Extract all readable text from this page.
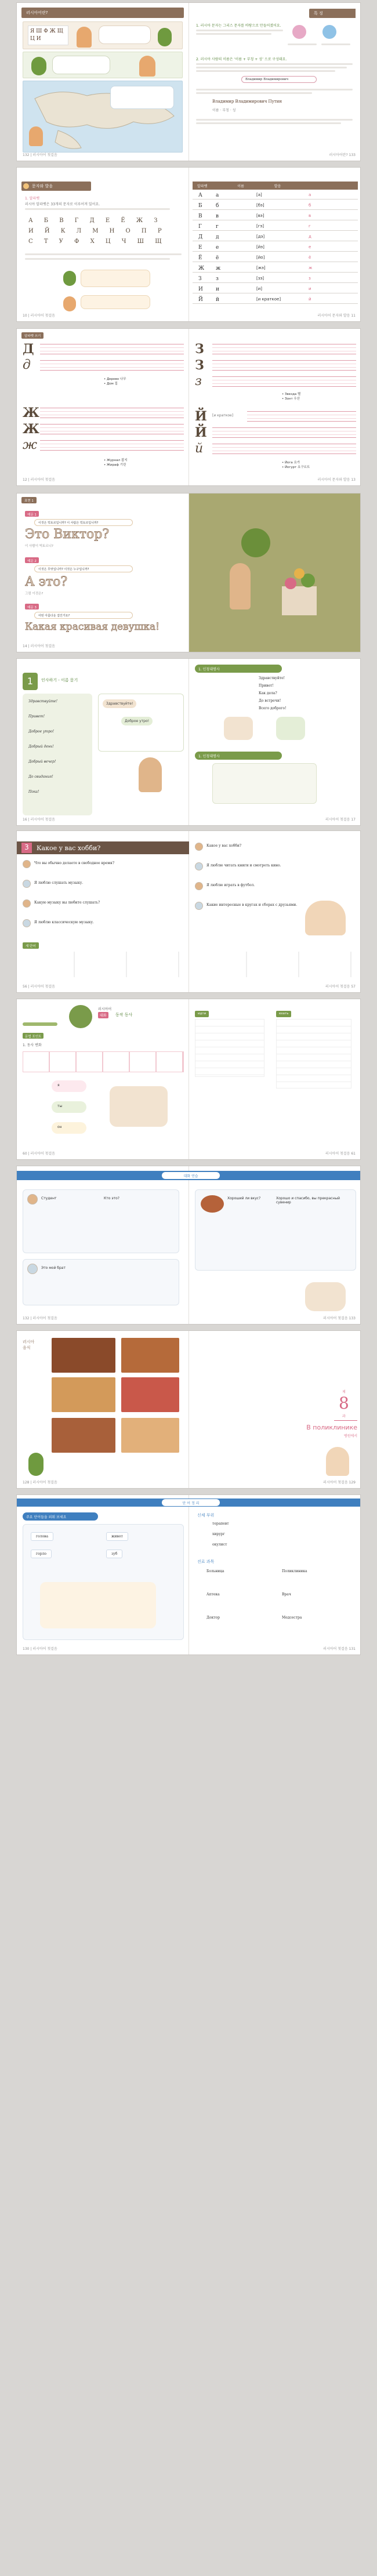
러시아어란?
Я Ш Ф Ж Щ Ц И
132 | 러시아어 첫걸음
특 징
1. 러시아 문자는 그리스 문자를 바탕으로 만들어졌어요.
2. 러시아 사람의 이름은 ‘이름 + 부칭 + 성’ 으로 구성돼요.
Владимир Владимирович
Владимир Владимирович Путин
이름 · 부칭 · 성
러시아어란? 133
문자와 발음
1. 알파벳
러시아 알파벳은 33개의 문자로 이루어져 있어요.
А Б В Г Д Е Ё Ж З
И Й К Л М Н О П Р
С Т У Ф Х Ц Ч Ш Щ
10 | 러시아어 첫걸음
알파벳 이름 발음
А	а	[а]	а
Б	б	[бэ]	б
В	в	[вэ]	в
Г	г	[гэ]	г
Д	д	[дэ]	д
Е	е	[йэ]	е
Ё	ё	[йо]	ё
Ж ж	[жэ]	ж
З	з	[зэ]	з
И и	[и]	и
Й й	[и краткое]	й
러시아어 문자와 발음 11
알파벳 쓰기
Д
д
• Дерево 나무
• Дом 집
Ж
Ж
ж
• Журнал 잡지
• Жираф 기린
12 | 러시아어 첫걸음
З
З
з
• Звезда 별
• Зонт 우산
Й [и краткое]
Й
й
• Йога 요가
• Йогурт 요구르트
러시아어 문자와 발음 13
표현 1
예문 1
이것은 빅토르입니까? 이 사람은 빅토르입니까?
Это Виктор?
이 사람이 빅토르니?
예문 2
이것은 무엇입니까? 이것은 누구입니까?
А это?
그럼 이것은?
예문 3
어떤 아름다운 집인가요?
Какая красивая девушка!
14 | 러시아어 첫걸음
1	인사하기 - 이름 묻기
Здравствуйте!
Привет!
Доброе утро!
Добрый день!
Добрый вечер!
До свидания!
Пока!
Здравствуйте!
Доброе утро!
16 | 러시아어 첫걸음
1. 인칭대명사
Здравствуйте!
Привет!
Как дела?
До встречи!
Всего доброго!
1. 인칭대명사
러시아어 첫걸음 17
3	Какое у вас хобби?
Что вы обычно делаете в свободное время?
Я люблю слушать музыку.
Какую музыку вы любите слушать?
Я люблю классическую музыку.
새 단어
56 | 러시아어 첫걸음
Какое у вас хобби?
Я люблю читать книги и смотреть кино.
Я люблю играть в футбол.
Какие интересные в кругах и сборах с друзьями.
러시아어 첫걸음 57
러시아어
대화	동작 동사
문법 포인트
1. 동사 변화
я
ты
он
60 | 러시아어 첫걸음
идти	ехать
러시아어 첫걸음 61
대화 연습
Студент	Кто это?
Это мой брат
132 | 러시아어 첫걸음
Хороший ли вкус?	Хорошо и спасибо, вы прекрасный сувенир
러시아어 첫걸음 133
러시아
음식
128 | 러시아어 첫걸음
제
8
과
В поликлинике
병원에서
러시아어 첫걸음 129
단 어 정 리
주요 단어들을 외워 보세요
голова	живот
горло	зуб
130 | 러시아어 첫걸음
신체 부위
терапевт
хирург
окулист
진료 과목
Больница	Поликлиника
Аптека	Врач
Доктор	Медсестра
러시아어 첫걸음 131
